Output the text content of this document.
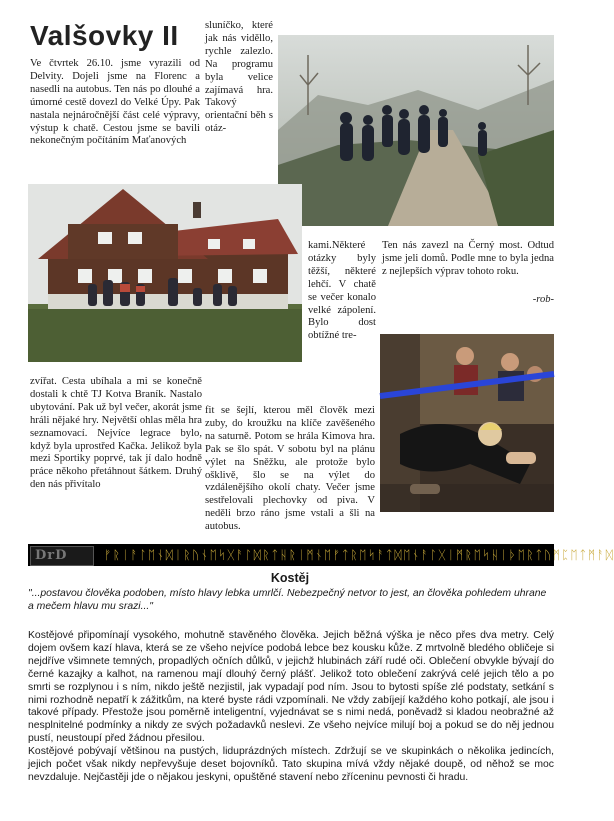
Valšovky II
Ve čtvrtek 26.10. jsme vyrazili od Delvity. Dojeli jsme na Florenc a nasedli na autobus. Ten nás po dlouhé a úmorné cestě dovezl do Velké Úpy. Pak nastala nejnáročnější část celé výpravy, výstup k chatě. Cestou jsme se bavili nekonečným počítáním Maťanových
sluníčko, které jak nás viděllo, rychle zalezlo. Na programu byla velice zajímavá hra. Takový orientační běh s otáz-
kami.Některé otázky byly těžší, některé lehčí. V chatě se večer konalo velké zápolení. Bylo dost obtížné tre-
Ten nás zavezl na Černý most. Odtud jsme jeli domů. Podle mne to byla jedna z nejlepších výprav tohoto roku.
-rob-
zvířat. Cesta ubíhala a mi se konečně dostali k chtě TJ Kotva Braník. Nastalo ubytování. Pak už byl večer, akorát jsme hráli nějaké hry. Největší ohlas měla hra seznamovací. Nejvíce legrace bylo, když byla uprostřed Kačka. Jelikož byla mezi Sportiky poprvé, tak jí dalo hodně práce někoho přetáhnout šátkem. Druhý den nás přivítalo
fit se šejlí, kterou měl člověk mezi zuby, do kroužku na klíče zavěšeného na saturně. Potom se hrála Kimova hra. Pak se šlo spát. V sobotu byl na plánu výlet na Sněžku, ale protože bylo ošklivě, šlo se na výlet do vzdálenějšího okolí chaty. Večer jsme sestřelovali plechovky od piva. V neděli brzo ráno jsme vstali a šli na autobus.
DrD	ᚠᚱᛁᚨᛚᛖᚾᛞᛁᚱᚢᚾᛖᛋᚷᚨᛚᛞᚱᛏᚺᚱᛁᛗᚾᛖᚠᛏᚱᛖᛋᚨᛏᛞᛖᚾᚨᛚᚷᛁᛗᚱᛖᛋᚺᛁᚦᛖᚱᛏᚢᛗᛈᛖᛏᛗᚨᛞ
Kostěj
"...postavou člověka podoben, místo hlavy lebka umrlčí. Nebezpečný netvor to jest, an člověka pohledem uhrane a mečem hlavu mu srazi..."

Kostějové připomínají vysokého, mohutně stavěného člověka. Jejich běžná výška je něco přes dva metry. Celý dojem ovšem kazí hlava, která se ze všeho nejvíce podobá lebce bez kousku kůže. Z mrtvolně bledého obličeje si nejdříve všimnete temných, propadlých očních důlků, v jejichž hlubinách září rudé oči. Oblečení obvykle bývají do černé kazajky a kalhot, na ramenou mají dlouhý černý plášť. Jelikož toto oblečení zakrývá celé jejich tělo a po smrti se rozplynou i s ním, nikdo ještě nezjistil, jak vypadají pod ním. Jsou to bytosti spíše zlé podstaty, setkání s nimi rozhodně nepatří k zážitkům, na které byste rádi vzpomínali. Ne vždy zabíjejí každého koho potkají, ale jsou i takové případy. Přestože jsou poměrně inteligentní, vyjednávat se s nimi nedá, poněvadž si kladou neobražné až nesplnitelné podmínky a nikdy ze svých požadavků neslevi. Ze všeho nejvíce milují boj a pokud se do něj jednou pustí, neustoupí před žádnou přesilou.

Kostějové pobývají většinou na pustých, liduprázdných místech. Zdržují se ve skupinkách o několika jedincích, jejich počet však nikdy nepřevyšuje deset bojovníků. Tato skupina mívá vždy nějaké doupě, od něhož se moc nevzdaluje. Nejčastěji jde o nějakou jeskyni, opuštěné stavení nebo zříceninu pevnosti či hradu.
